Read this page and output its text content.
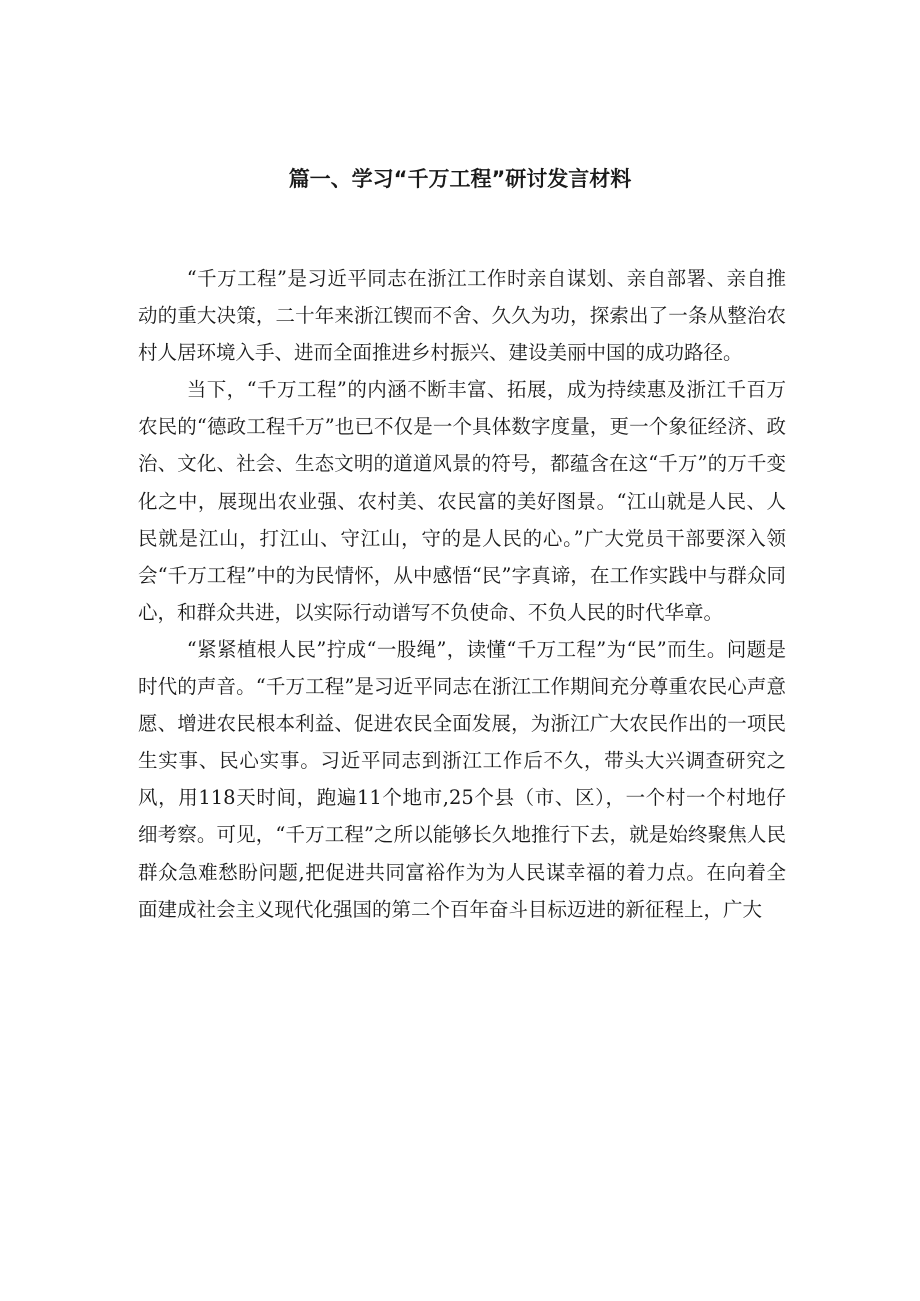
篇一、学习“千万工程”研讨发言材料

“千万工程”是习近平同志在浙江工作时亲自谋划、亲自部署、亲自推动的重大决策，二十年来浙江锲而不舍、久久为功，探索出了一条从整治农村人居环境入手、进而全面推进乡村振兴、建设美丽中国的成功路径。

当下，“千万工程”的内涵不断丰富、拓展，成为持续惠及浙江千百万农民的“德政工程千万”也已不仅是一个具体数字度量，更一个象征经济、政治、文化、社会、生态文明的道道风景的符号，都蕴含在这“千万”的万千变化之中，展现出农业强、农村美、农民富的美好图景。“江山就是人民、人民就是江山，打江山、守江山，守的是人民的心。”广大党员干部要深入领会“千万工程”中的为民情怀，从中感悟“民”字真谛，在工作实践中与群众同心，和群众共进，以实际行动谱写不负使命、不负人民的时代华章。

“紧紧植根人民”拧成“一股绳”，读懂“千万工程”为“民”而生。问题是时代的声音。“千万工程”是习近平同志在浙江工作期间充分尊重农民心声意愿、增进农民根本利益、促进农民全面发展，为浙江广大农民作出的一项民生实事、民心实事。习近平同志到浙江工作后不久，带头大兴调查研究之风，用118天时间，跑遍11个地市,25个县（市、区），一个村一个村地仔细考察。可见，“千万工程”之所以能够长久地推行下去，就是始终聚焦人民群众急难愁盼问题,把促进共同富裕作为为人民谋幸福的着力点。在向着全面建成社会主义现代化强国的第二个百年奋斗目标迈进的新征程上，广大
